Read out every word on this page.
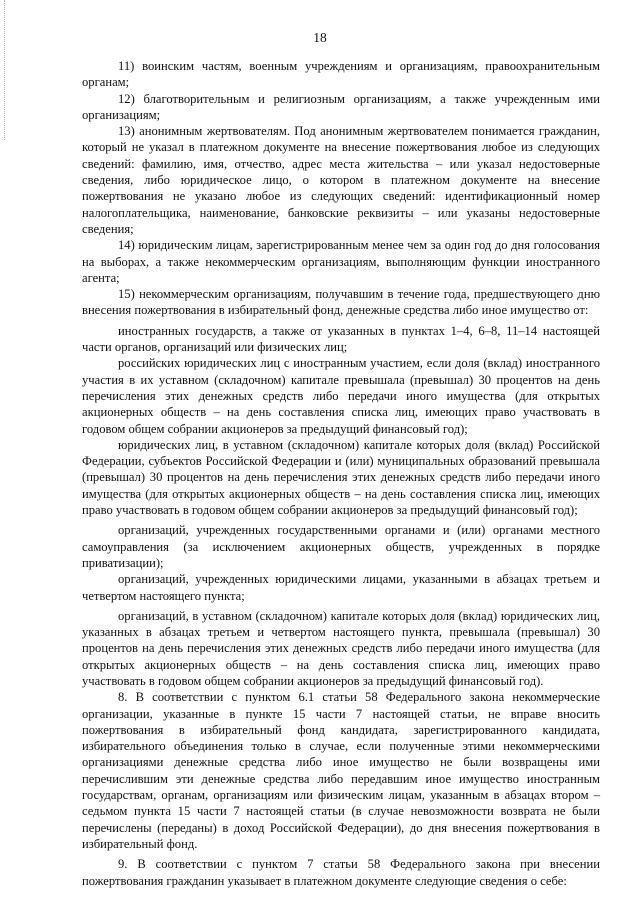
18

11) воинским частям, военным учреждениям и организациям, правоохранительным органам;

12) благотворительным и религиозным организациям, а также учрежденным ими организациям;

13) анонимным жертвователям. Под анонимным жертвователем понимается гражданин, который не указал в платежном документе на внесение пожертвования любое из следующих сведений: фамилию, имя, отчество, адрес места жительства – или указал недостоверные сведения, либо юридическое лицо, о котором в платежном документе на внесение пожертвования не указано любое из следующих сведений: идентификационный номер налогоплательщика, наименование, банковские реквизиты – или указаны недостоверные сведения;

14) юридическим лицам, зарегистрированным менее чем за один год до дня голосования на выборах, а также некоммерческим организациям, выполняющим функции иностранного агента;

15) некоммерческим организациям, получавшим в течение года, предшествующего дню внесения пожертвования в избирательный фонд, денежные средства либо иное имущество от:

иностранных государств, а также от указанных в пунктах 1–4, 6–8, 11–14 настоящей части органов, организаций или физических лиц;

российских юридических лиц с иностранным участием, если доля (вклад) иностранного участия в их уставном (складочном) капитале превышала (превышал) 30 процентов на день перечисления этих денежных средств либо передачи иного имущества (для открытых акционерных обществ – на день составления списка лиц, имеющих право участвовать в годовом общем собрании акционеров за предыдущий финансовый год);

юридических лиц, в уставном (складочном) капитале которых доля (вклад) Российской Федерации, субъектов Российской Федерации и (или) муниципальных образований превышала (превышал) 30 процентов на день перечисления этих денежных средств либо передачи иного имущества (для открытых акционерных обществ – на день составления списка лиц, имеющих право участвовать в годовом общем собрании акционеров за предыдущий финансовый год);

организаций, учрежденных государственными органами и (или) органами местного самоуправления (за исключением акционерных обществ, учрежденных в порядке приватизации);

организаций, учрежденных юридическими лицами, указанными в абзацах третьем и четвертом настоящего пункта;

организаций, в уставном (складочном) капитале которых доля (вклад) юридических лиц, указанных в абзацах третьем и четвертом настоящего пункта, превышала (превышал) 30 процентов на день перечисления этих денежных средств либо передачи иного имущества (для открытых акционерных обществ – на день составления списка лиц, имеющих право участвовать в годовом общем собрании акционеров за предыдущий финансовый год).

8. В соответствии с пунктом 6.1 статьи 58 Федерального закона некоммерческие организации, указанные в пункте 15 части 7 настоящей статьи, не вправе вносить пожертвования в избирательный фонд кандидата, зарегистрированного кандидата, избирательного объединения только в случае, если полученные этими некоммерческими организациями денежные средства либо иное имущество не были возвращены ими перечислившим эти денежные средства либо передавшим иное имущество иностранным государствам, органам, организациям или физическим лицам, указанным в абзацах втором – седьмом пункта 15 части 7 настоящей статьи (в случае невозможности возврата не были перечислены (переданы) в доход Российской Федерации), до дня внесения пожертвования в избирательный фонд.

9. В соответствии с пунктом 7 статьи 58 Федерального закона при внесении пожертвования гражданин указывает в платежном документе следующие сведения о себе:
